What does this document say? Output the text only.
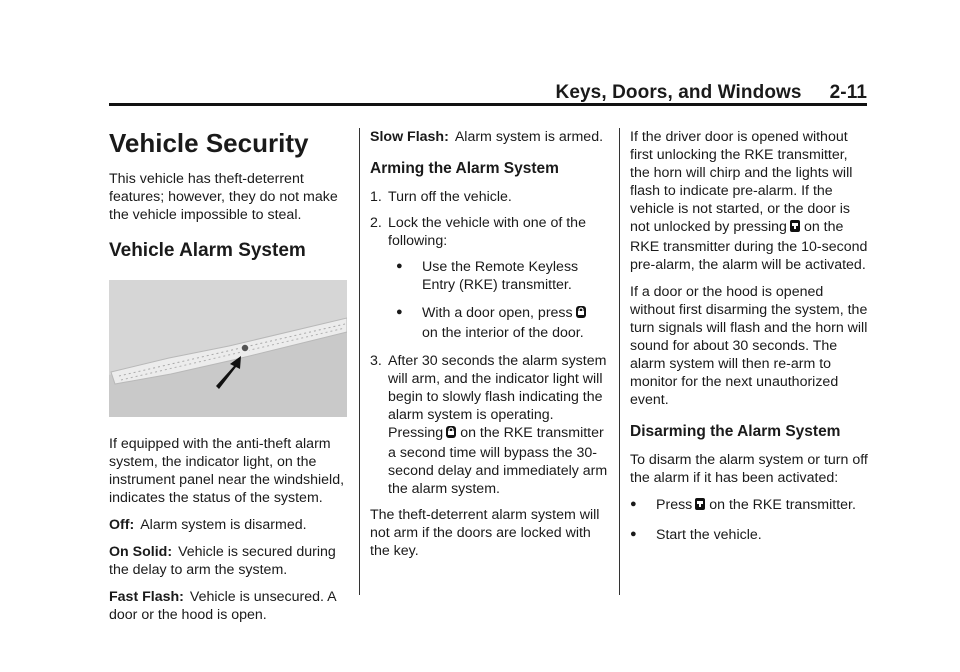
Keys, Doors, and Windows 2-11
Vehicle Security

This vehicle has theft-deterrent features; however, they do not make the vehicle impossible to steal.

Vehicle Alarm System

If equipped with the anti-theft alarm system, the indicator light, on the instrument panel near the windshield, indicates the status of the system.

Off: Alarm system is disarmed.

On Solid: Vehicle is secured during the delay to arm the system.

Fast Flash: Vehicle is unsecured. A door or the hood is open.

Slow Flash: Alarm system is armed.

Arming the Alarm System
1. Turn off the vehicle.
2. Lock the vehicle with one of the following:
●	Use the Remote Keyless Entry (RKE) transmitter.
●	With a door open, press
on the interior of the door.
3. After 30 seconds the alarm system will arm, and the indicator light will begin to slowly flash indicating the alarm system is operating. Pressing on the RKE transmitter a second time will bypass the 30-second delay and immediately arm the alarm system.

The theft-deterrent alarm system will not arm if the doors are locked with the key.

If the driver door is opened without first unlocking the RKE transmitter, the horn will chirp and the lights will flash to indicate pre-alarm. If the vehicle is not started, or the door is not unlocked by pressing on the RKE transmitter during the 10-second pre-alarm, the alarm will be activated.

If a door or the hood is opened without first disarming the system, the turn signals will flash and the horn will sound for about 30 seconds. The alarm system will then re-arm to monitor for the next unauthorized event.

Disarming the Alarm System

To disarm the alarm system or turn off the alarm if it has been activated:

●	Press on the RKE transmitter.
●	Start the vehicle.
